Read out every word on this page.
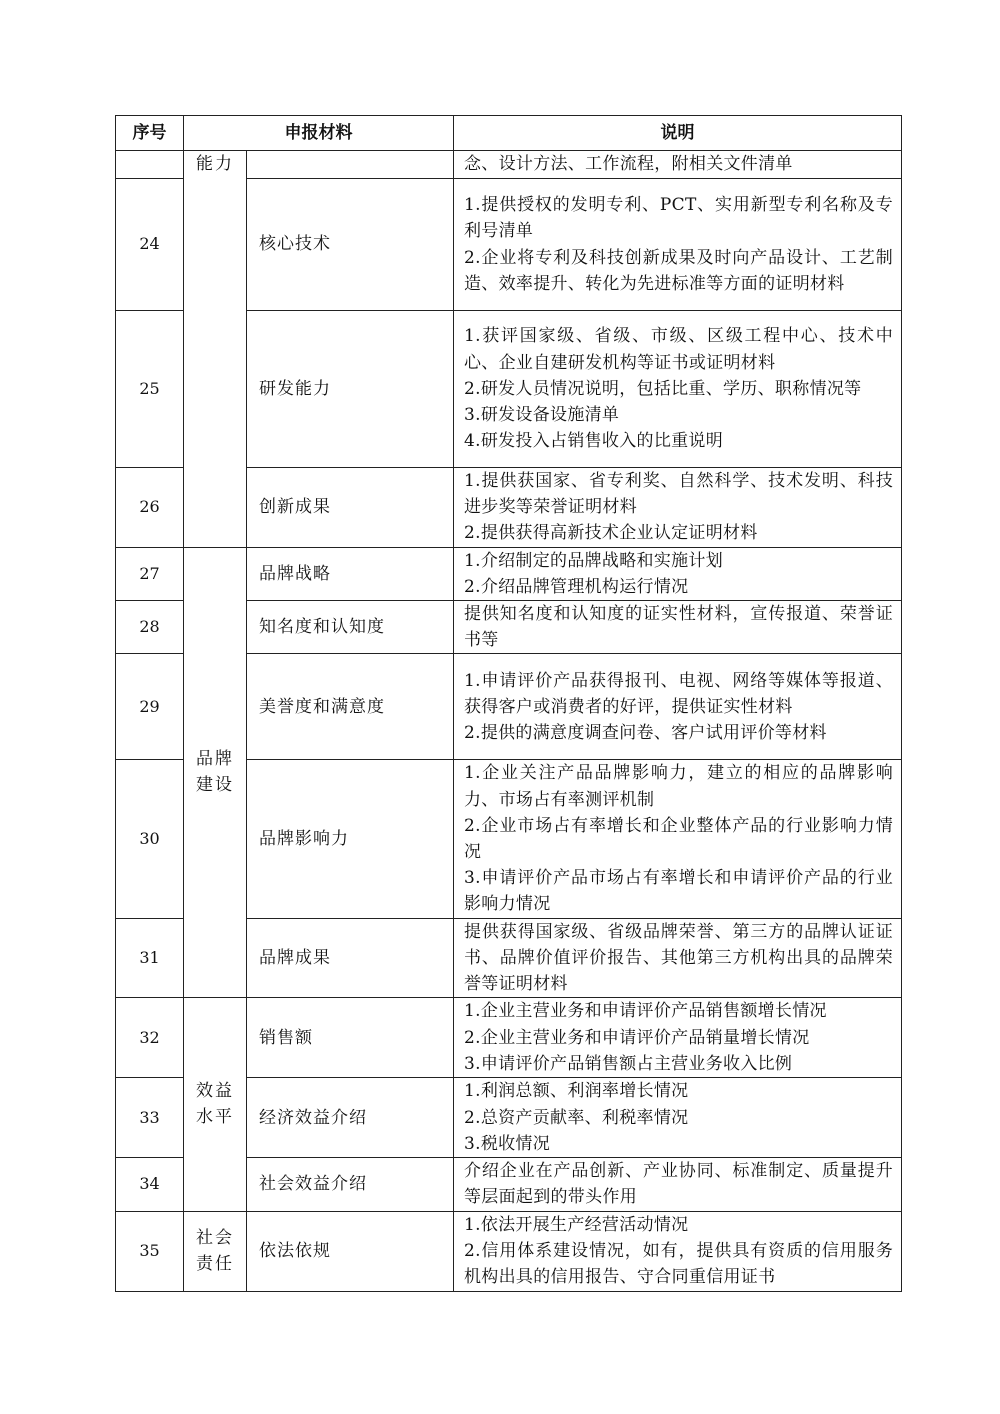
序号	申报材料		说明
	能力		念、设计方法、工作流程，附相关文件清单

24		核心技术	1.提供授权的发明专利、PCT、实用新型专利名称及专利号清单
2.企业将专利及科技创新成果及时向产品设计、工艺制造、效率提升、转化为先进标准等方面的证明材料

25		研发能力	1.获评国家级、省级、市级、区级工程中心、技术中心、企业自建研发机构等证书或证明材料
2.研发人员情况说明，包括比重、学历、职称情况等
3.研发设备设施清单
4.研发投入占销售收入的比重说明

26		创新成果	1.提供获国家、省专利奖、自然科学、技术发明、科技进步奖等荣誉证明材料
2.提供获得高新技术企业认定证明材料

27	品牌建设	品牌战略	1.介绍制定的品牌战略和实施计划
2.介绍品牌管理机构运行情况

28		知名度和认知度	提供知名度和认知度的证实性材料，宣传报道、荣誉证书等

29		美誉度和满意度	1.申请评价产品获得报刊、电视、网络等媒体等报道、获得客户或消费者的好评，提供证实性材料
2.提供的满意度调查问卷、客户试用评价等材料

30		品牌影响力	1.企业关注产品品牌影响力，建立的相应的品牌影响力、市场占有率测评机制
2.企业市场占有率增长和企业整体产品的行业影响力情况
3.申请评价产品市场占有率增长和申请评价产品的行业影响力情况

31		品牌成果	提供获得国家级、省级品牌荣誉、第三方的品牌认证证书、品牌价值评价报告、其他第三方机构出具的品牌荣誉等证明材料

32	效益水平	销售额	1.企业主营业务和申请评价产品销售额增长情况
2.企业主营业务和申请评价产品销量增长情况
3.申请评价产品销售额占主营业务收入比例

33		经济效益介绍	1.利润总额、利润率增长情况
2.总资产贡献率、利税率情况
3.税收情况

34		社会效益介绍	介绍企业在产品创新、产业协同、标准制定、质量提升等层面起到的带头作用

35	社会责任	依法依规	1.依法开展生产经营活动情况
2.信用体系建设情况，如有，提供具有资质的信用服务机构出具的信用报告、守合同重信用证书
